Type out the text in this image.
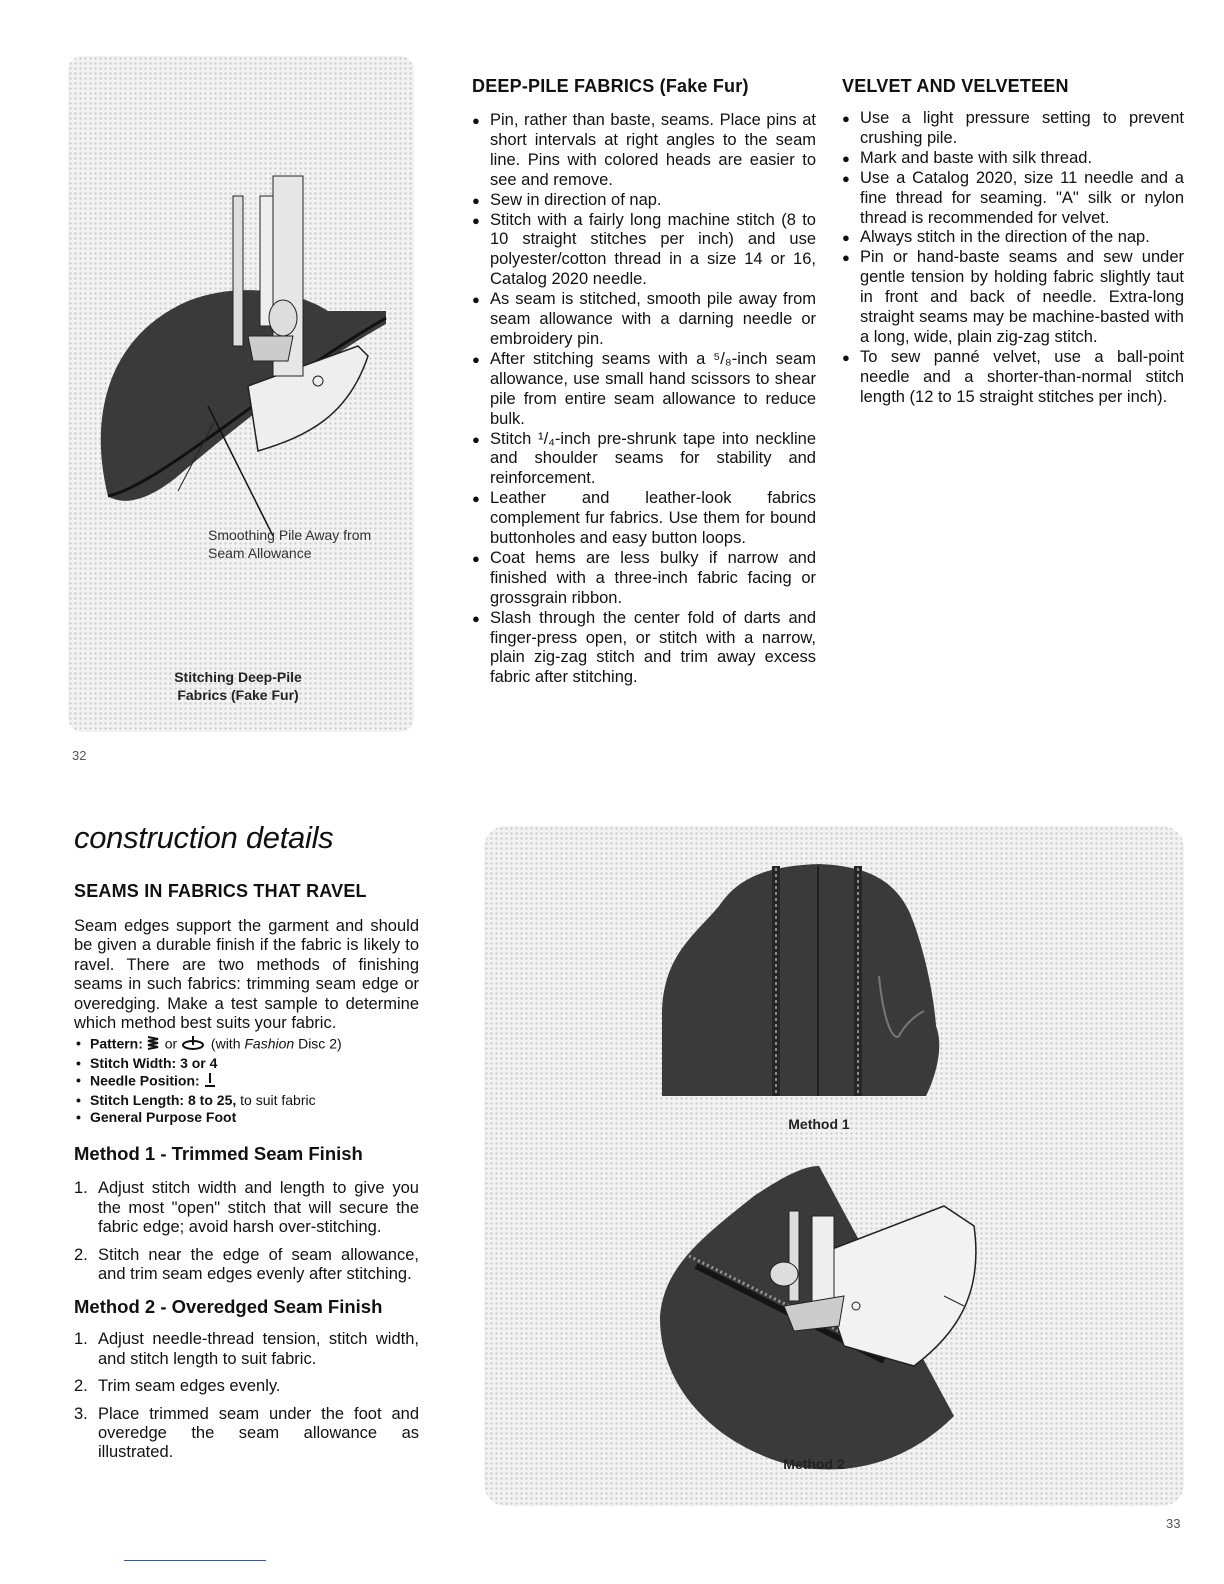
Smoothing Pile Away from Seam Allowance
Stitching Deep-Pile Fabrics (Fake Fur)

DEEP-PILE FABRICS (Fake Fur)

● Pin, rather than baste, seams. Place pins at short intervals at right angles to the seam line. Pins with colored heads are easier to see and remove.
● Sew in direction of nap.
● Stitch with a fairly long machine stitch (8 to 10 straight stitches per inch) and use polyester/cotton thread in a size 14 or 16, Catalog 2020 needle.
● As seam is stitched, smooth pile away from seam allowance with a darning needle or embroidery pin.
● After stitching seams with a ⁵/₈-inch seam allowance, use small hand scissors to shear pile from entire seam allowance to reduce bulk.
● Stitch ¹/₄-inch pre-shrunk tape into neckline and shoulder seams for stability and reinforcement.
● Leather and leather-look fabrics complement fur fabrics. Use them for bound buttonholes and easy button loops.
● Coat hems are less bulky if narrow and finished with a three-inch fabric facing or grossgrain ribbon.
● Slash through the center fold of darts and finger-press open, or stitch with a narrow, plain zig-zag stitch and trim away excess fabric after stitching.

VELVET AND VELVETEEN

● Use a light pressure setting to prevent crushing pile.
● Mark and baste with silk thread.
● Use a Catalog 2020, size 11 needle and a fine thread for seaming. "A" silk or nylon thread is recommended for velvet.
● Always stitch in the direction of the nap.
● Pin or hand-baste seams and sew under gentle tension by holding fabric slightly taut in front and back of needle. Extra-long straight seams may be machine-basted with a long, wide, plain zig-zag stitch.
● To sew panné velvet, use a ball-point needle and a shorter-than-normal stitch length (12 to 15 straight stitches per inch).
32
construction details

SEAMS IN FABRICS THAT RAVEL

Seam edges support the garment and should be given a durable finish if the fabric is likely to ravel. There are two methods of finishing seams in such fabrics: trimming seam edge or overedging. Make a test sample to determine which method best suits your fabric.

• Pattern: or (with Fashion Disc 2)
• Stitch Width: 3 or 4
• Needle Position:
• Stitch Length: 8 to 25, to suit fabric
• General Purpose Foot

Method 1 - Trimmed Seam Finish

1. Adjust stitch width and length to give you the most "open" stitch that will secure the fabric edge; avoid harsh over-stitching.
2. Stitch near the edge of seam allowance, and trim seam edges evenly after stitching.

Method 2 - Overedged Seam Finish

1. Adjust needle-thread tension, stitch width, and stitch length to suit fabric.
2. Trim seam edges evenly.
3. Place trimmed seam under the foot and overedge the seam allowance as illustrated.
Method 1
Method 2
33
